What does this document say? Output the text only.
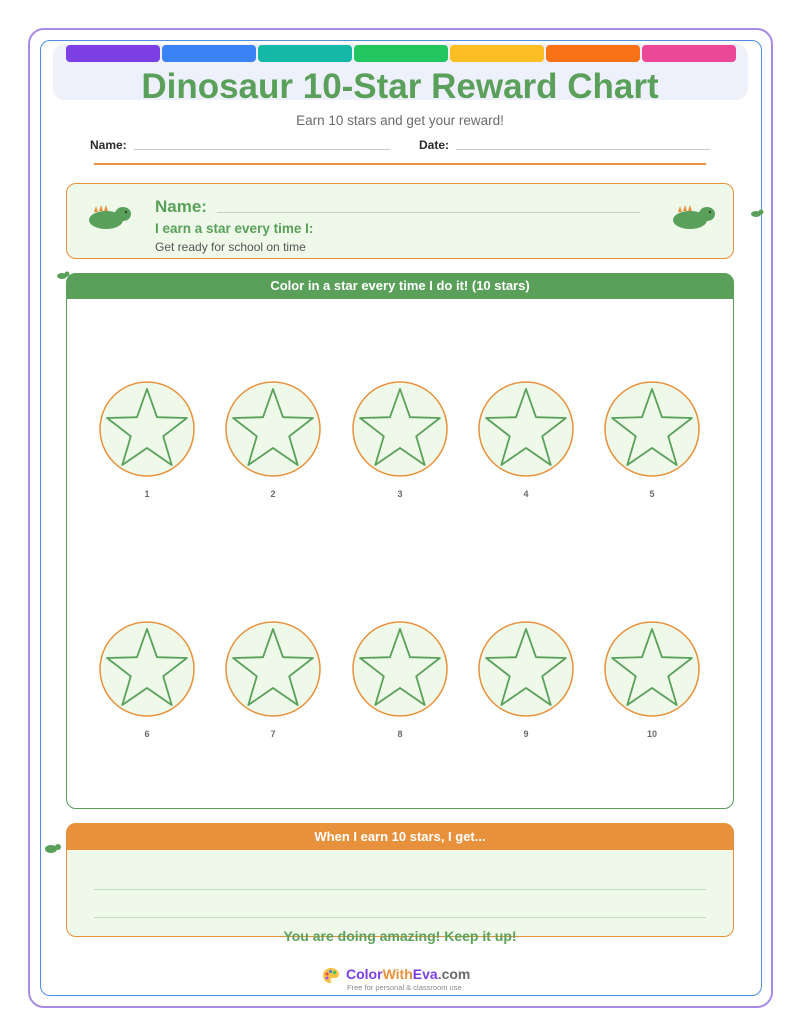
Dinosaur 10-Star Reward Chart
Earn 10 stars and get your reward!
Name:	Date:
Name:
I earn a star every time I:
Get ready for school on time
Color in a star every time I do it! (10 stars)
1	2	3	4	5
6	7	8	9	10
When I earn 10 stars, I get...
You are doing amazing! Keep it up!
ColorWithEva.com
Free for personal & classroom use
